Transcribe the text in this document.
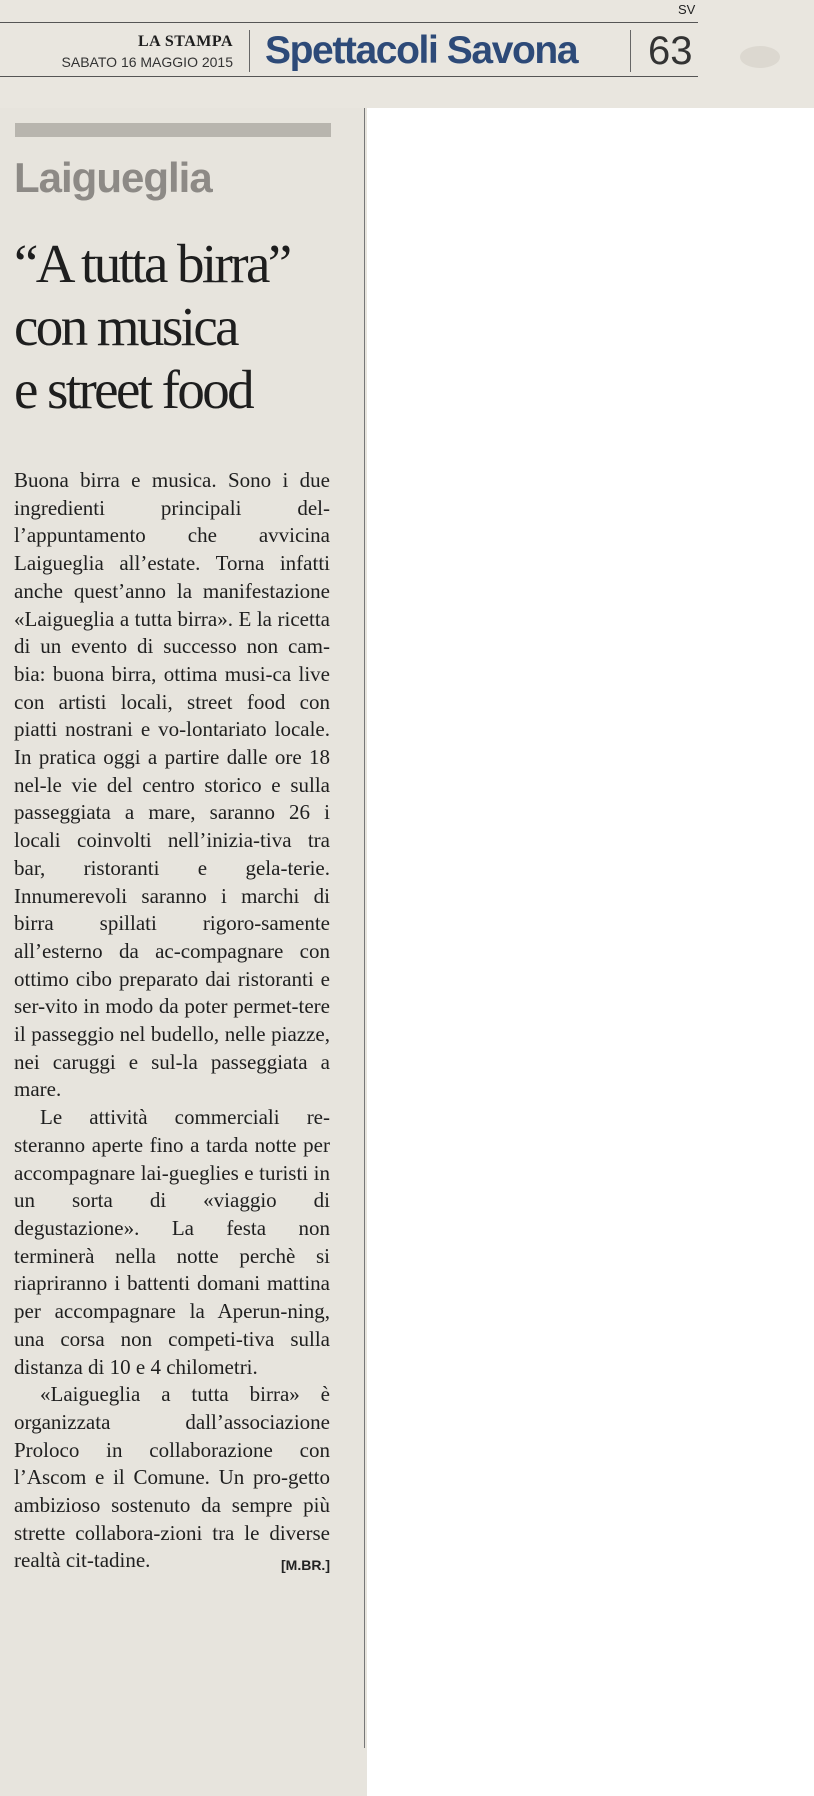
SV
LA STAMPA
SABATO 16 MAGGIO 2015 Spettacoli Savona 63
Laigueglia
“A tutta birra”
con musica
e street food

Buona birra e musica. Sono i due ingredienti principali del-l’appuntamento che avvicina Laigueglia all’estate. Torna infatti anche quest’anno la manifestazione «Laigueglia a tutta birra». E la ricetta di un evento di successo non cam-bia: buona birra, ottima musi-ca live con artisti locali, street food con piatti nostrani e vo-lontariato locale. In pratica oggi a partire dalle ore 18 nel-le vie del centro storico e sulla passeggiata a mare, saranno 26 i locali coinvolti nell’inizia-tiva tra bar, ristoranti e gela-terie. Innumerevoli saranno i marchi di birra spillati rigoro-samente all’esterno da ac-compagnare con ottimo cibo preparato dai ristoranti e ser-vito in modo da poter permet-tere il passeggio nel budello, nelle piazze, nei caruggi e sul-la passeggiata a mare.

Le attività commerciali re-steranno aperte fino a tarda notte per accompagnare lai-gueglies e turisti in un sorta di «viaggio di degustazione». La festa non terminerà nella notte perchè si riapriranno i battenti domani mattina per accompagnare la Aperun-ning, una corsa non competi-tiva sulla distanza di 10 e 4 chilometri.

«Laigueglia a tutta birra» è organizzata dall’associazione Proloco in collaborazione con l’Ascom e il Comune. Un pro-getto ambizioso sostenuto da sempre più strette collabora-zioni tra le diverse realtà cit-tadine.	[M.BR.]
